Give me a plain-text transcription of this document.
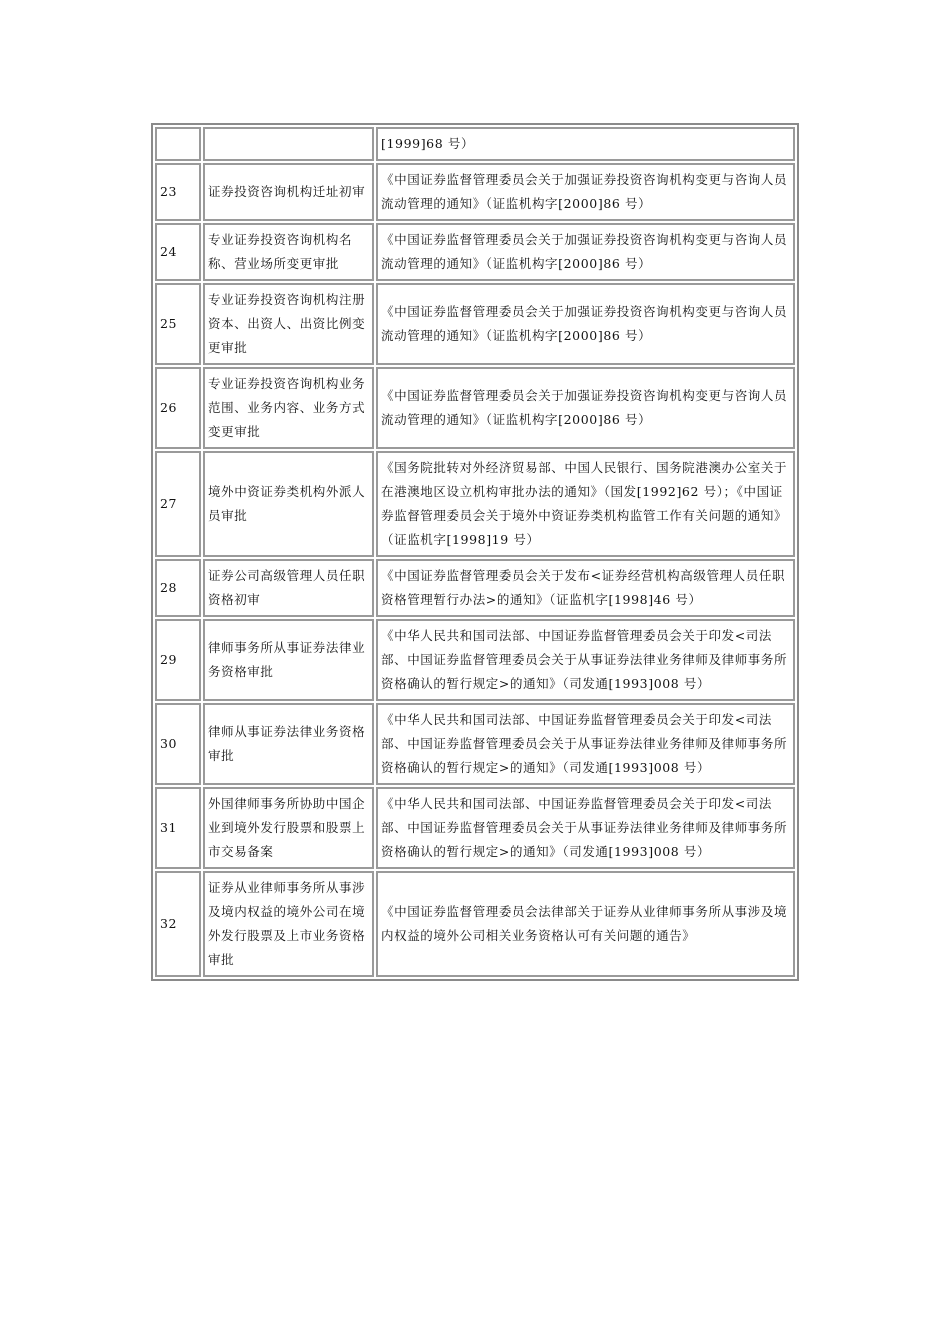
		[1999]68 号）
23	证券投资咨询机构迁址初审	《中国证券监督管理委员会关于加强证券投资咨询机构变更与咨询人员流动管理的通知》（证监机构字[2000]86 号）
24	专业证券投资咨询机构名称、营业场所变更审批	《中国证券监督管理委员会关于加强证券投资咨询机构变更与咨询人员流动管理的通知》（证监机构字[2000]86 号）
25	专业证券投资咨询机构注册资本、出资人、出资比例变更审批	《中国证券监督管理委员会关于加强证券投资咨询机构变更与咨询人员流动管理的通知》（证监机构字[2000]86 号）
26	专业证券投资咨询机构业务范围、业务内容、业务方式变更审批	《中国证券监督管理委员会关于加强证券投资咨询机构变更与咨询人员流动管理的通知》（证监机构字[2000]86 号）
27	境外中资证券类机构外派人员审批	《国务院批转对外经济贸易部、中国人民银行、国务院港澳办公室关于在港澳地区设立机构审批办法的通知》（国发[1992]62 号）；《中国证券监督管理委员会关于境外中资证券类机构监管工作有关问题的通知》（证监机字[1998]19 号）
28	证券公司高级管理人员任职资格初审	《中国证券监督管理委员会关于发布<证券经营机构高级管理人员任职资格管理暂行办法>的通知》（证监机字[1998]46 号）
29	律师事务所从事证券法律业务资格审批	《中华人民共和国司法部、中国证券监督管理委员会关于印发<司法部、中国证券监督管理委员会关于从事证券法律业务律师及律师事务所资格确认的暂行规定>的通知》（司发通[1993]008 号）
30	律师从事证券法律业务资格审批	《中华人民共和国司法部、中国证券监督管理委员会关于印发<司法部、中国证券监督管理委员会关于从事证券法律业务律师及律师事务所资格确认的暂行规定>的通知》（司发通[1993]008 号）
31	外国律师事务所协助中国企业到境外发行股票和股票上市交易备案	《中华人民共和国司法部、中国证券监督管理委员会关于印发<司法部、中国证券监督管理委员会关于从事证券法律业务律师及律师事务所资格确认的暂行规定>的通知》（司发通[1993]008 号）
32	证券从业律师事务所从事涉及境内权益的境外公司在境外发行股票及上市业务资格审批	《中国证券监督管理委员会法律部关于证券从业律师事务所从事涉及境内权益的境外公司相关业务资格认可有关问题的通告》
